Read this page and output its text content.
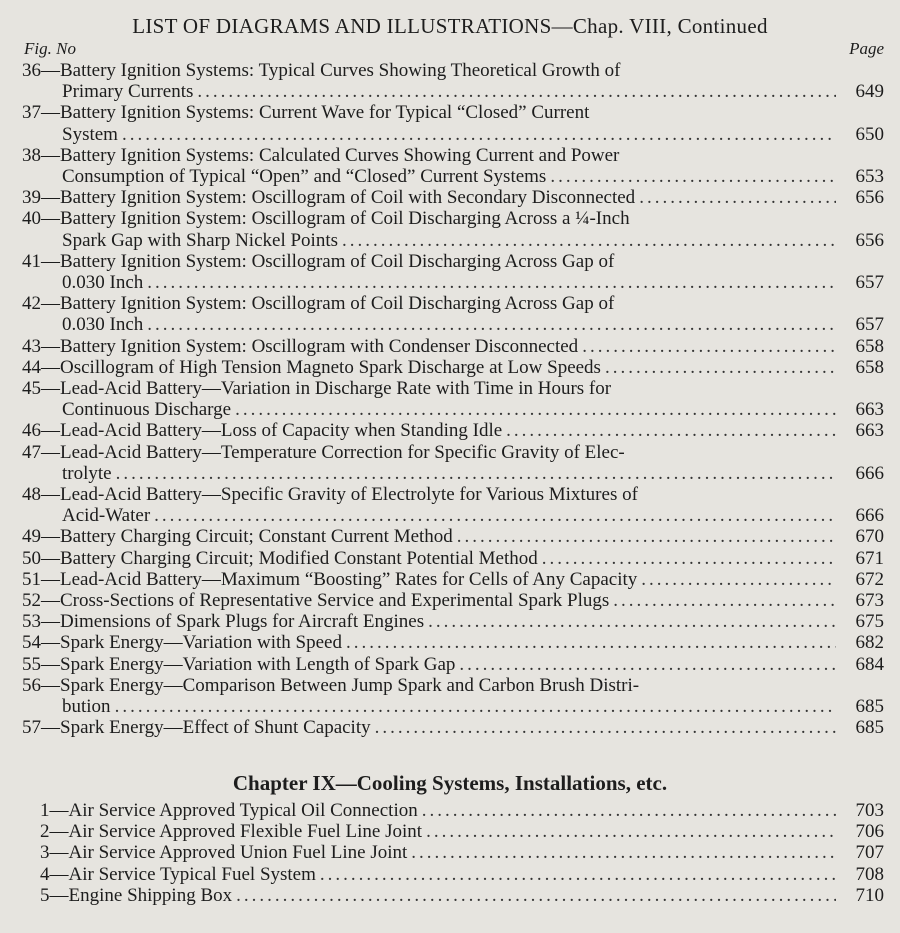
LIST OF DIAGRAMS AND ILLUSTRATIONS—Chap. VIII, Continued
Fig. No	Page
36—Battery Ignition Systems: Typical Curves Showing Theoretical Growth of
Primary Currents .....	649
37—Battery Ignition Systems: Current Wave for Typical “Closed” Current
System .....	650
38—Battery Ignition Systems: Calculated Curves Showing Current and Power
Consumption of Typical “Open” and “Closed” Current Systems .....	653
39—Battery Ignition System: Oscillogram of Coil with Secondary Disconnected .....	656
40—Battery Ignition System: Oscillogram of Coil Discharging Across a ¼-Inch
Spark Gap with Sharp Nickel Points .....	656
41—Battery Ignition System: Oscillogram of Coil Discharging Across Gap of
0.030 Inch .....	657
42—Battery Ignition System: Oscillogram of Coil Discharging Across Gap of
0.030 Inch .....	657
43—Battery Ignition System: Oscillogram with Condenser Disconnected .....	658
44—Oscillogram of High Tension Magneto Spark Discharge at Low Speeds .....	658
45—Lead-Acid Battery—Variation in Discharge Rate with Time in Hours for
Continuous Discharge .....	663
46—Lead-Acid Battery—Loss of Capacity when Standing Idle .....	663
47—Lead-Acid Battery—Temperature Correction for Specific Gravity of Elec-
trolyte .....	666
48—Lead-Acid Battery—Specific Gravity of Electrolyte for Various Mixtures of
Acid-Water .....	666
49—Battery Charging Circuit; Constant Current Method .....	670
50—Battery Charging Circuit; Modified Constant Potential Method .....	671
51—Lead-Acid Battery—Maximum “Boosting” Rates for Cells of Any Capacity .....	672
52—Cross-Sections of Representative Service and Experimental Spark Plugs .....	673
53—Dimensions of Spark Plugs for Aircraft Engines .....	675
54—Spark Energy—Variation with Speed .....	682
55—Spark Energy—Variation with Length of Spark Gap .....	684
56—Spark Energy—Comparison Between Jump Spark and Carbon Brush Distri-
bution .....	685
57—Spark Energy—Effect of Shunt Capacity .....	685
Chapter IX—Cooling Systems, Installations, etc.
1—Air Service Approved Typical Oil Connection .....	703
2—Air Service Approved Flexible Fuel Line Joint .....	706
3—Air Service Approved Union Fuel Line Joint .....	707
4—Air Service Typical Fuel System .....	708
5—Engine Shipping Box .....	710
